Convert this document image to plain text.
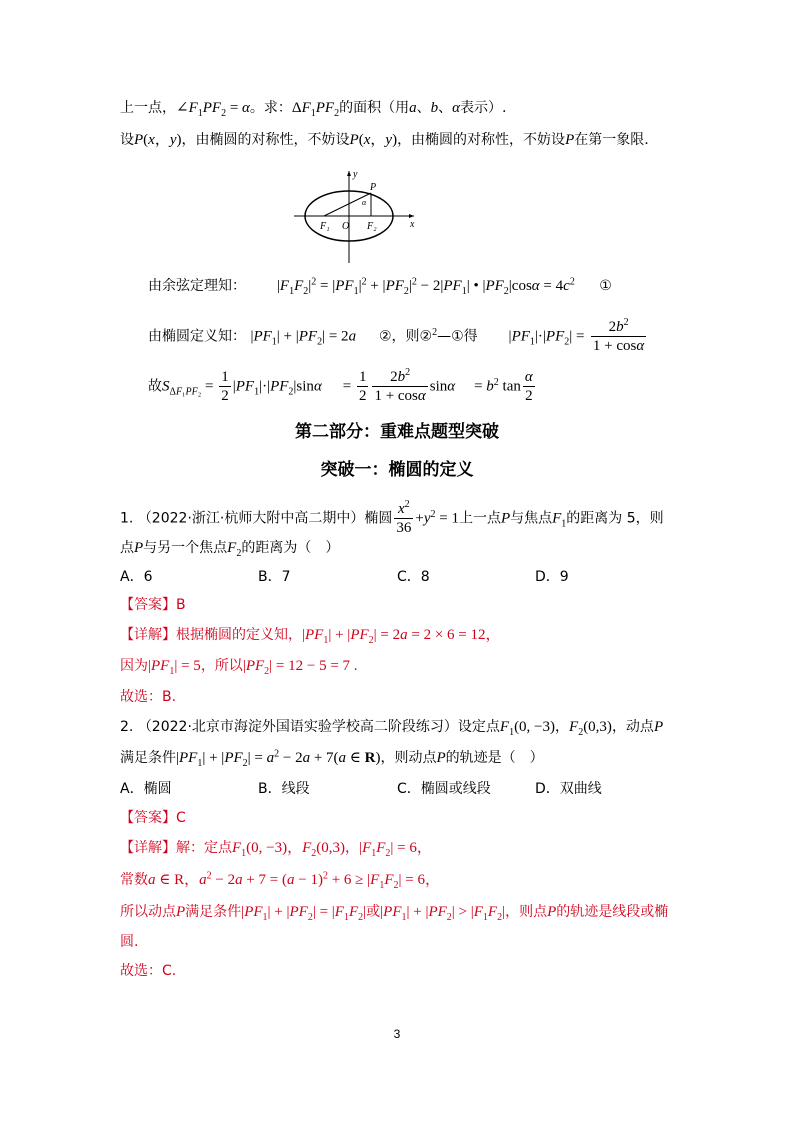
上一点，$\angle F_1PF_2 = \alpha$。求：$\Delta F_1PF_2$的面积（用a、b、α表示）.
设P(x，y)，由椭圆的对称性，不妨设P(x，y)，由椭圆的对称性，不妨设P在第一象限.
x
y
O
F₁	F₂
P
α
由余弦定理知： $|F_1F_2|^2 = |PF_1|^2 + |PF_2|^2 - 2|PF_1|$ • $|PF_2|\cos\alpha = 4c^2$ ①
由椭圆定义知： $|PF_1| + |PF_2| = 2a$ ②，则②$^2$—①得 $|PF_1|\cdot|PF_2| = \frac{2b^2}{1 + \cos\alpha}$
故$S_{\Delta F_1PF_2} = \frac{1}{2} |PF_1|\cdot|PF_2|\sin\alpha = \frac{1}{2} \frac{2b^2}{1 + \cos\alpha}$ $\sin\alpha = b^2$ $\tan \frac{\alpha}{2}$
第二部分：重难点题型突破
突破一：椭圆的定义
1. （2022·浙江·杭师大附中高二期中）椭圆 $\frac{x^2}{36} +y^2 = 1$上一点P与焦点$F_1$的距离为 5，则
点P与另一个焦点$F_2$的距离为（　）
A．6	B．7	C．8	D．9
【答案】B
【详解】根据椭圆的定义知，$|PF_1| + |PF_2| = 2a = 2 \times 6 = 12$，
因为$|PF_1| = 5$，所以$|PF_2| = 12 - 5 = 7$ .
故选：B.
2. （2022·北京市海淀外国语实验学校高二阶段练习）设定点$F_1(0$, −3)，$F_2(0,3)$，动点P
满足条件$|PF_1| + |PF_2| = a^2 - 2a + 7(a$ ∈ R)，则动点P的轨迹是（　）
A．椭圆	B．线段	C．椭圆或线段	D．双曲线
【答案】C
【详解】解：定点$F_1(0$, −3)，$F_2(0,3)$，$|F_1F_2| = 6$，
常数a ∈ R，$a^2 - 2a + 7 = (a - 1)^2 + 6 \ge |F_1F_2| = 6$，
所以动点P满足条件$|PF_1| + |PF_2| = |F_1F_2|$或$|PF_1| + |PF_2| > |F_1F_2|$，则点P的轨迹是线段或椭
圆.
故选：C.
3
